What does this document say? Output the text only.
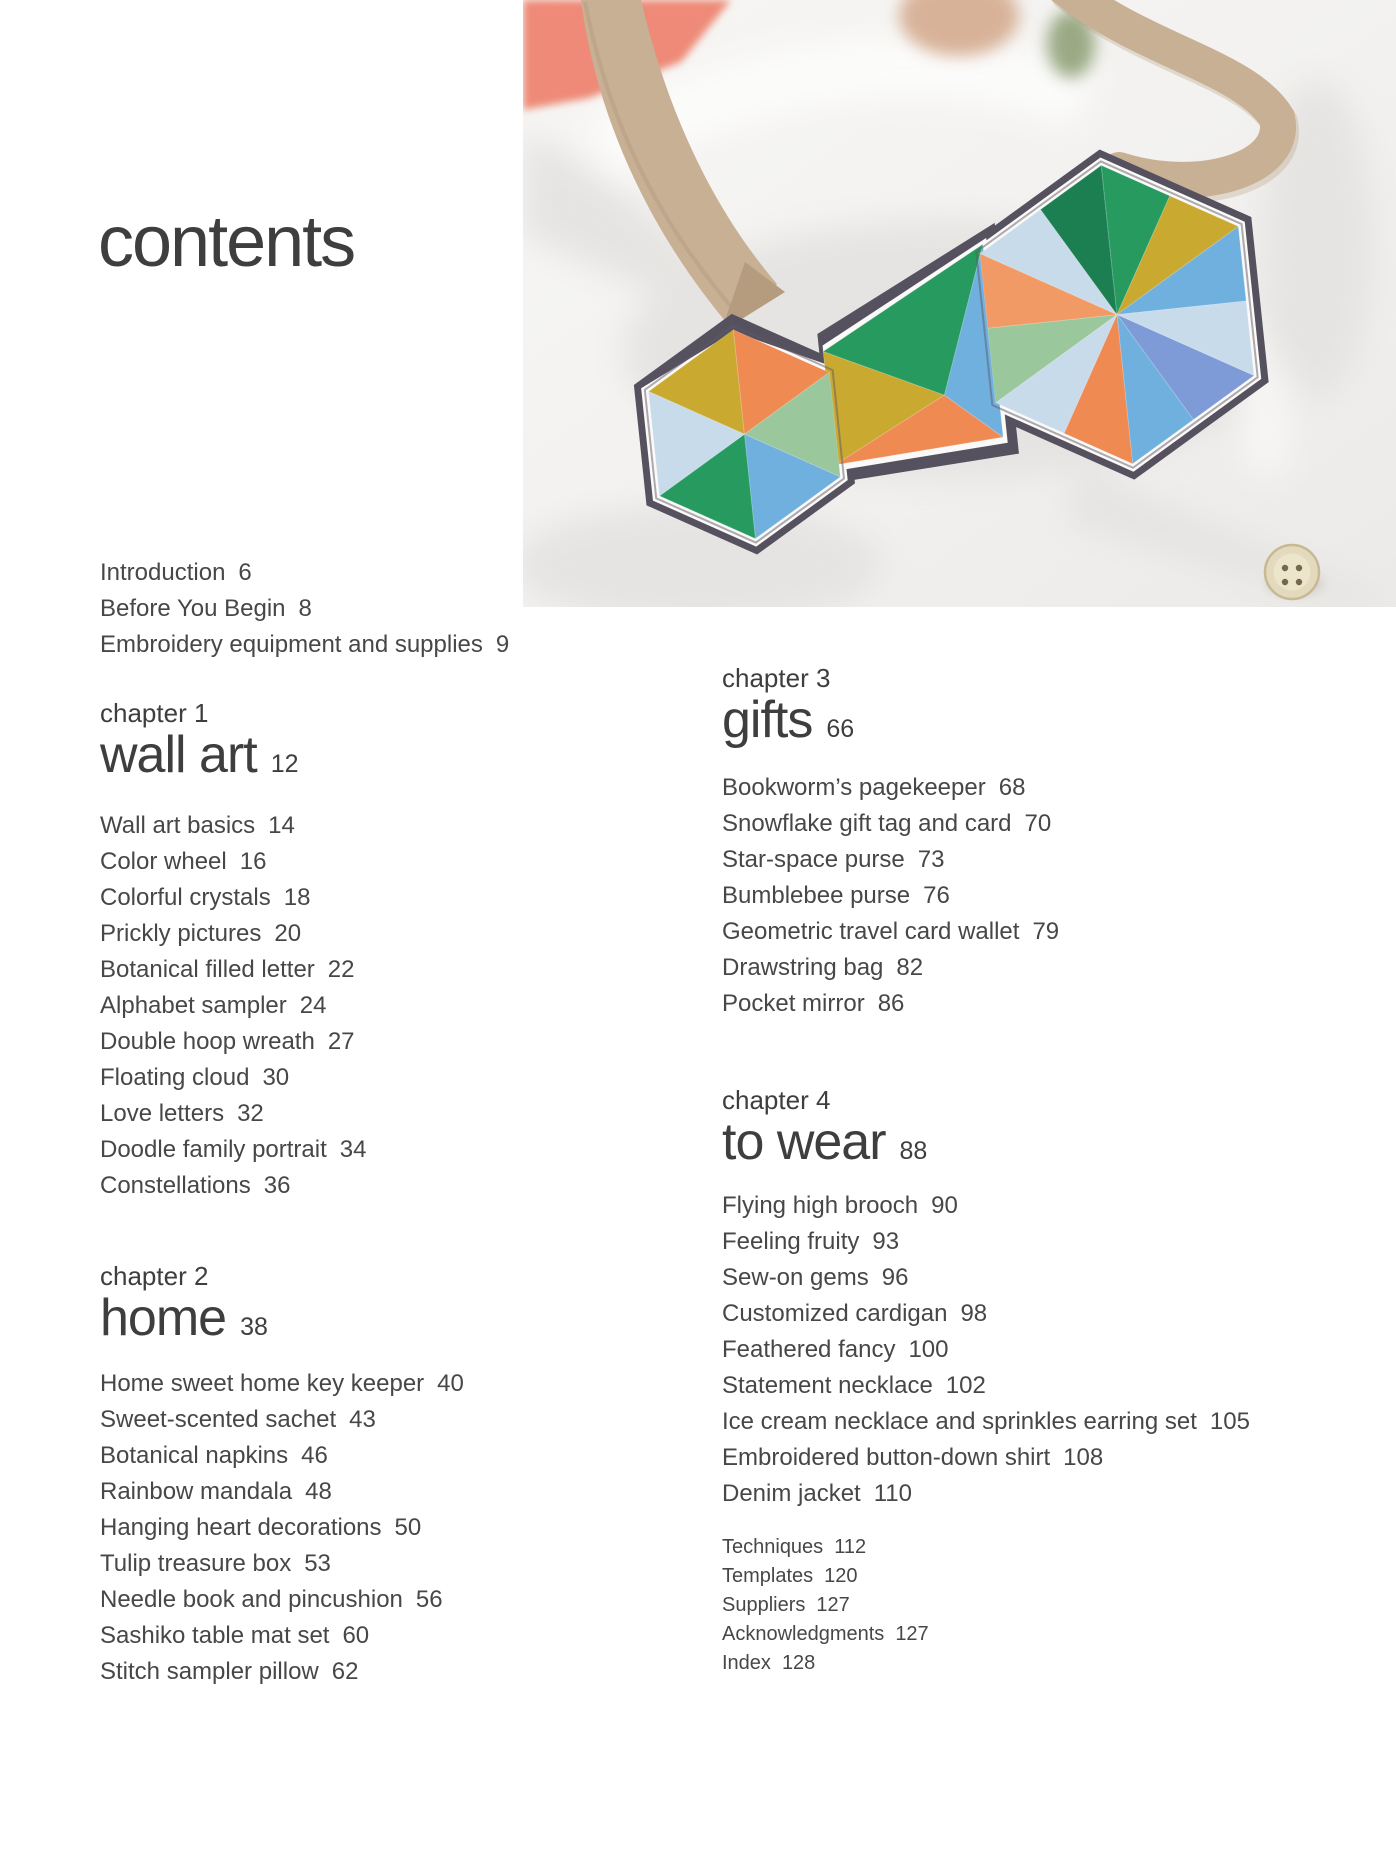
contents
Introduction 6
Before You Begin 8
Embroidery equipment and supplies 9
chapter 1
wall art 12
Wall art basics 14
Color wheel 16
Colorful crystals 18
Prickly pictures 20
Botanical filled letter 22
Alphabet sampler 24
Double hoop wreath 27
Floating cloud 30
Love letters 32
Doodle family portrait 34
Constellations 36
chapter 2
home 38
Home sweet home key keeper 40
Sweet-scented sachet 43
Botanical napkins 46
Rainbow mandala 48
Hanging heart decorations 50
Tulip treasure box 53
Needle book and pincushion 56
Sashiko table mat set 60
Stitch sampler pillow 62
chapter 3
gifts 66
Bookworm’s pagekeeper 68
Snowflake gift tag and card 70
Star-space purse 73
Bumblebee purse 76
Geometric travel card wallet 79
Drawstring bag 82
Pocket mirror 86
chapter 4
to wear 88
Flying high brooch 90
Feeling fruity 93
Sew-on gems 96
Customized cardigan 98
Feathered fancy 100
Statement necklace 102
Ice cream necklace and sprinkles earring set 105
Embroidered button-down shirt 108
Denim jacket 110
Techniques 112
Templates 120
Suppliers 127
Acknowledgments 127
Index 128
